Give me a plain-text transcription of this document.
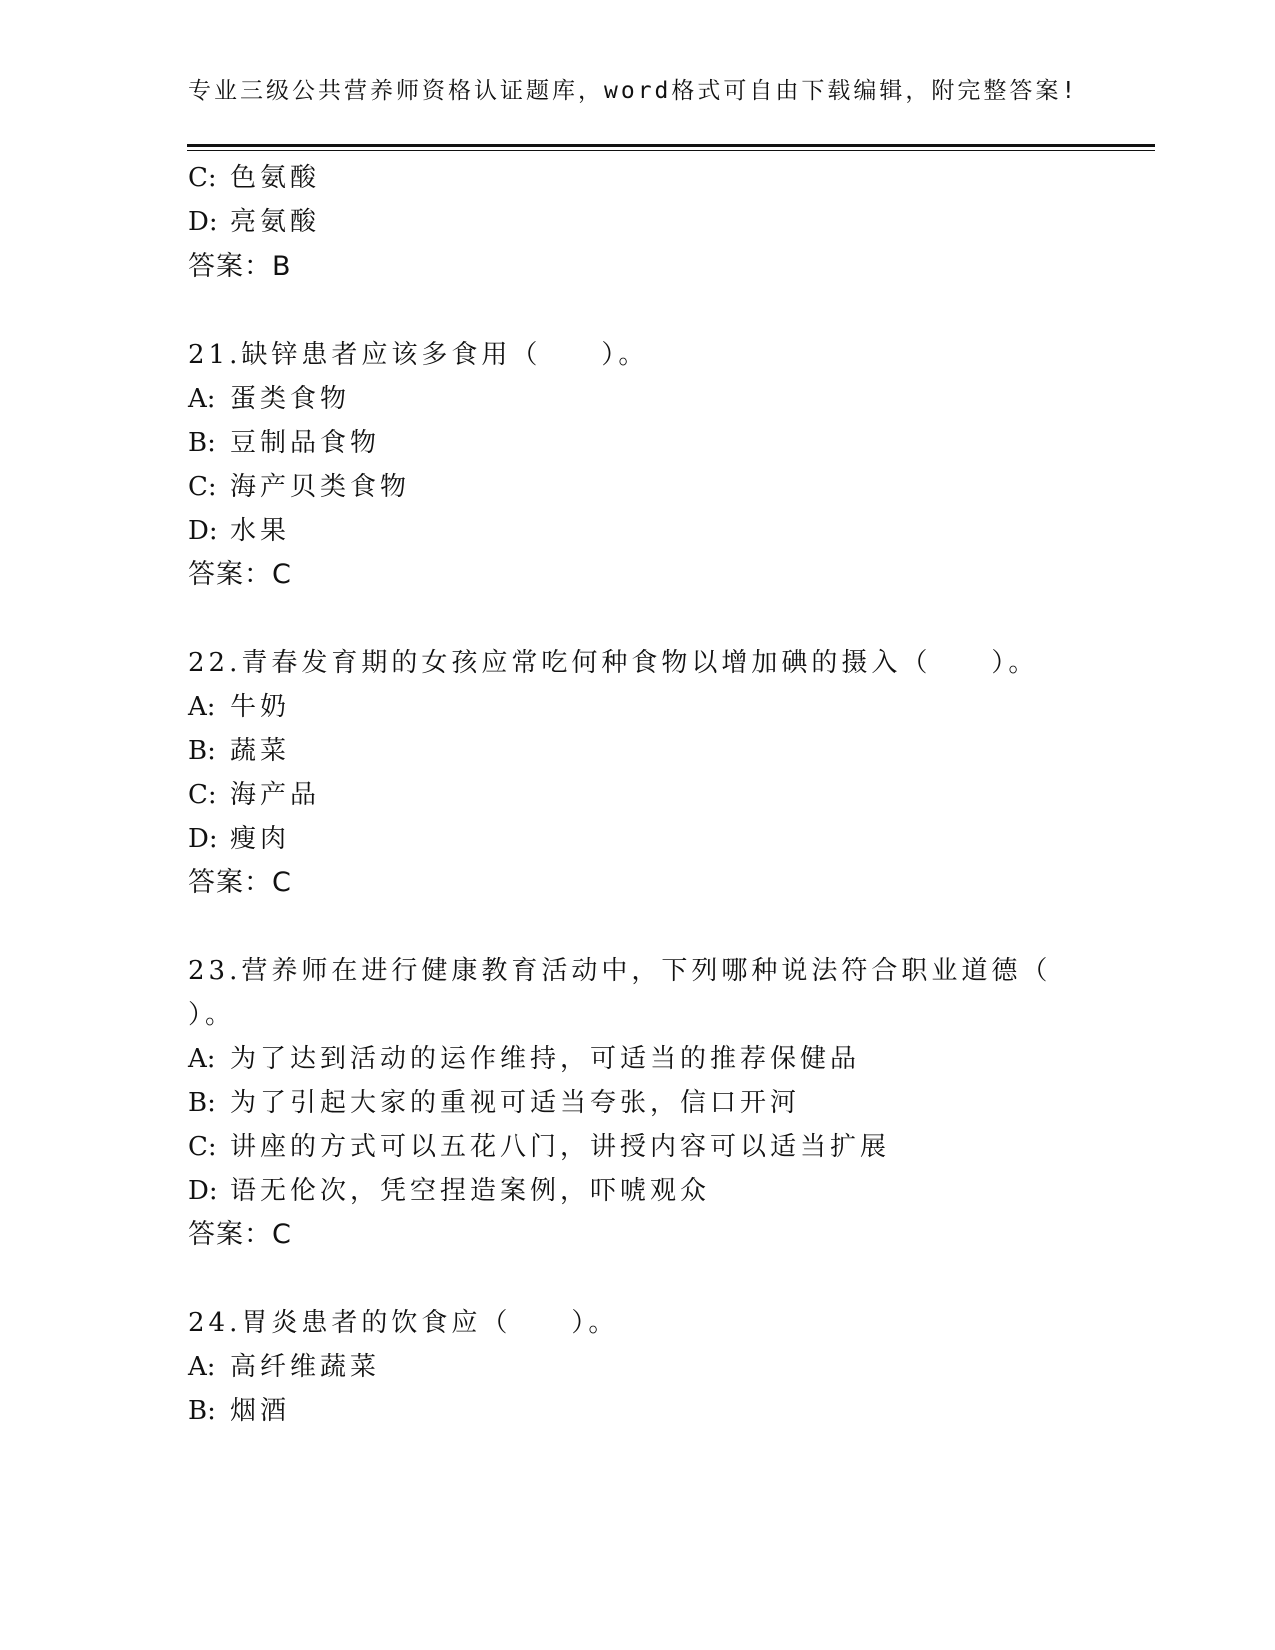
专业三级公共营养师资格认证题库，word格式可自由下载编辑，附完整答案!
C: 色氨酸
D: 亮氨酸
答案：B
21.缺锌患者应该多食用（　　）。
A: 蛋类食物
B: 豆制品食物
C: 海产贝类食物
D: 水果
答案：C
22.青春发育期的女孩应常吃何种食物以增加碘的摄入（　　）。
A: 牛奶
B: 蔬菜
C: 海产品
D: 瘦肉
答案：C
23.营养师在进行健康教育活动中，下列哪种说法符合职业道德（
）。
A: 为了达到活动的运作维持，可适当的推荐保健品
B: 为了引起大家的重视可适当夸张，信口开河
C: 讲座的方式可以五花八门，讲授内容可以适当扩展
D: 语无伦次，凭空捏造案例，吓唬观众
答案：C
24.胃炎患者的饮食应（　　）。
A: 高纤维蔬菜
B: 烟酒
